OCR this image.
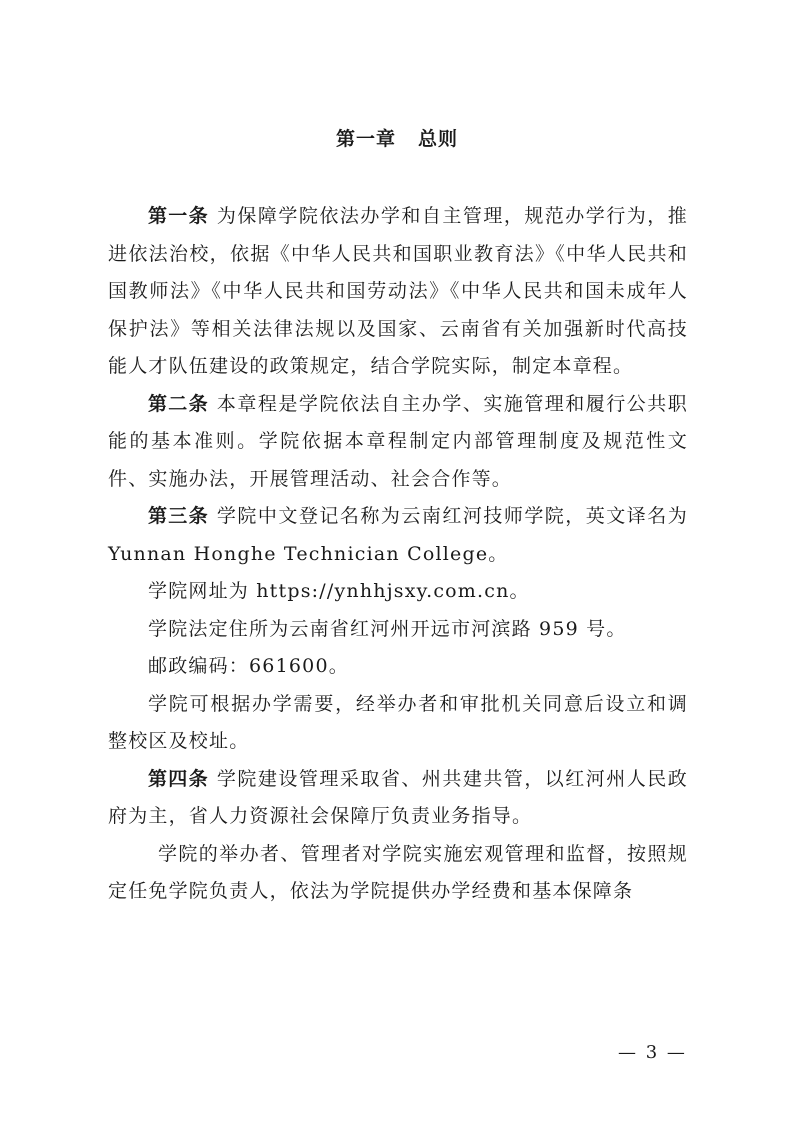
第一章 总则

第一条 为保障学院依法办学和自主管理，规范办学行为，推进依法治校，依据《中华人民共和国职业教育法》《中华人民共和国教师法》《中华人民共和国劳动法》《中华人民共和国未成年人保护法》等相关法律法规以及国家、云南省有关加强新时代高技能人才队伍建设的政策规定，结合学院实际，制定本章程。

第二条 本章程是学院依法自主办学、实施管理和履行公共职能的基本准则。学院依据本章程制定内部管理制度及规范性文件、实施办法，开展管理活动、社会合作等。

第三条 学院中文登记名称为云南红河技师学院，英文译名为 Yunnan Honghe Technician College。

学院网址为 https://ynhhjsxy.com.cn。

学院法定住所为云南省红河州开远市河滨路 959 号。

邮政编码：661600。

学院可根据办学需要，经举办者和审批机关同意后设立和调整校区及校址。

第四条 学院建设管理采取省、州共建共管，以红河州人民政府为主，省人力资源社会保障厅负责业务指导。

学院的举办者、管理者对学院实施宏观管理和监督，按照规定任免学院负责人，依法为学院提供办学经费和基本保障条

— 3 —
